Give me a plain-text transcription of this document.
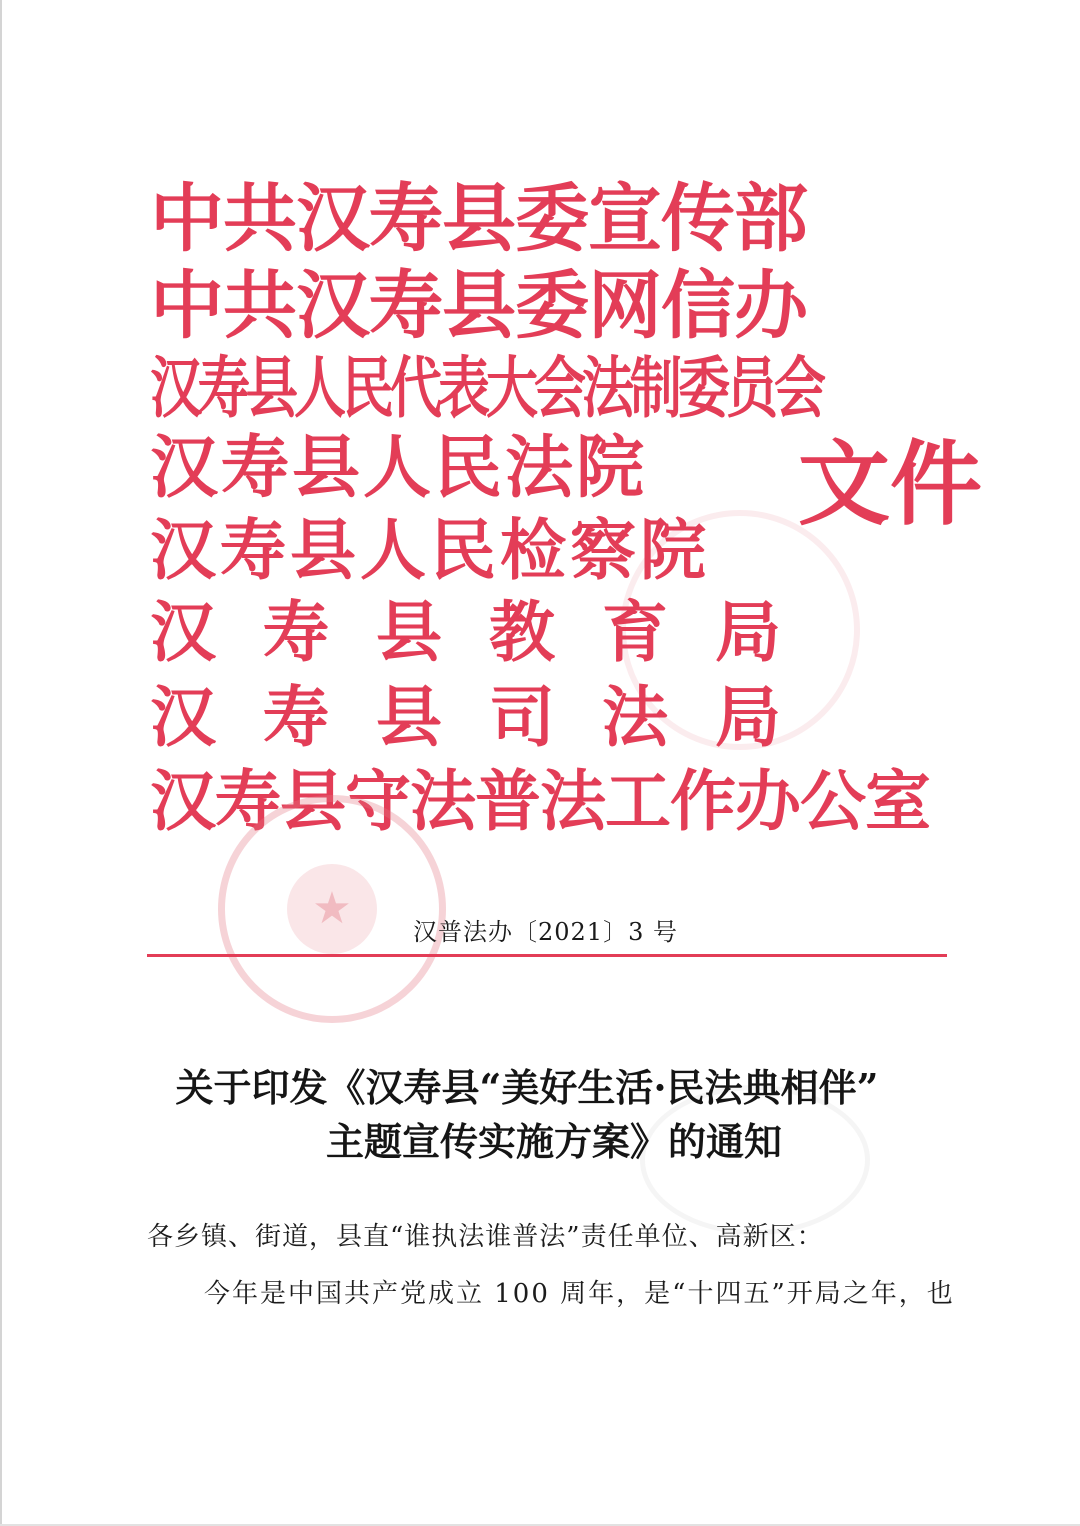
中共汉寿县委宣传部
中共汉寿县委网信办
汉寿县人民代表大会法制委员会
汉寿县人民法院
汉寿县人民检察院
汉寿县教育局
汉寿县司法局
汉寿县守法普法工作办公室
文件
★	汉普法办〔2021〕3 号
关于印发《汉寿县“美好生活·民法典相伴”
主题宣传实施方案》的通知
各乡镇、街道，县直“谁执法谁普法”责任单位、高新区：
今年是中国共产党成立 100 周年，是“十四五”开局之年，也
